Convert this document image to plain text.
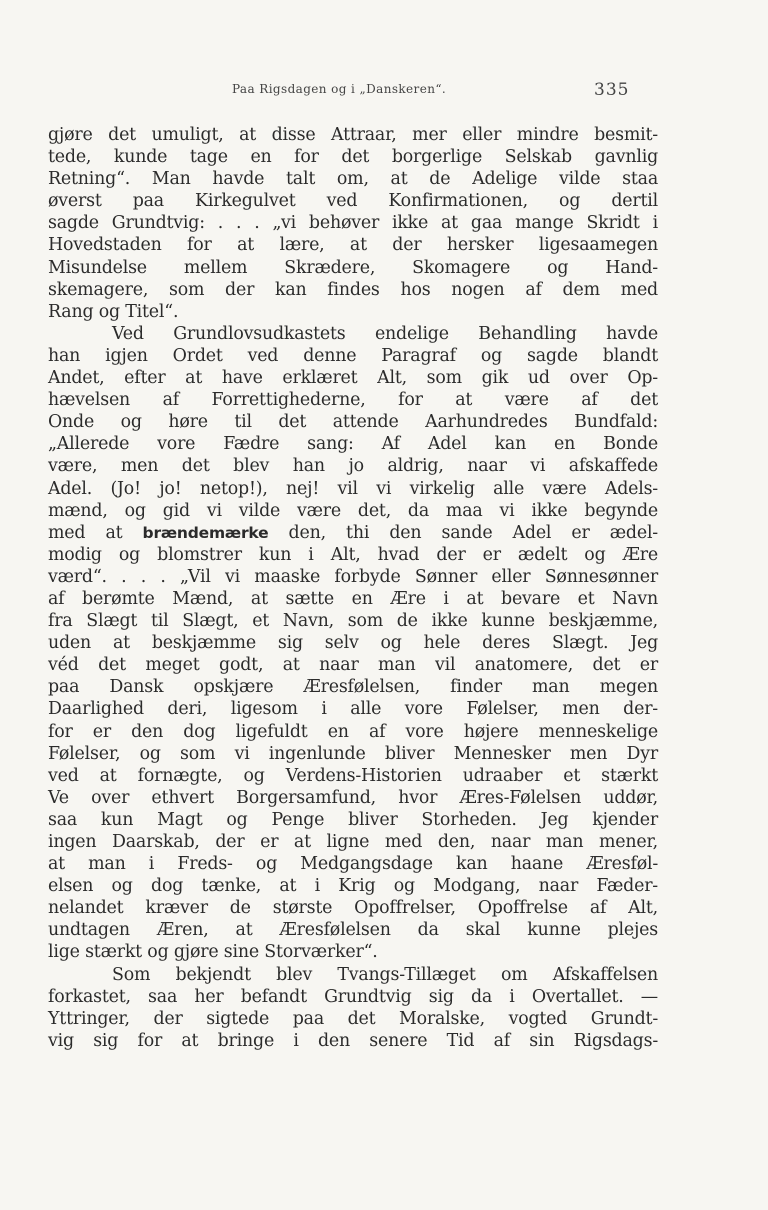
Paa Rigsdagen og i „Danskeren“.	335
gjøre det umuligt, at disse Attraar, mer eller mindre besmit-
tede, kunde tage en for det borgerlige Selskab gavnlig
Retning“. Man havde talt om, at de Adelige vilde staa
øverst paa Kirkegulvet ved Konfirmationen, og dertil
sagde Grundtvig: . . . „vi behøver ikke at gaa mange Skridt i
Hovedstaden for at lære, at der hersker ligesaamegen
Misundelse mellem Skrædere, Skomagere og Hand-
skemagere, som der kan findes hos nogen af dem med
Rang og Titel“.
Ved Grundlovsudkastets endelige Behandling havde
han igjen Ordet ved denne Paragraf og sagde blandt
Andet, efter at have erklæret Alt, som gik ud over Op-
hævelsen af Forrettighederne, for at være af det
Onde og høre til det attende Aarhundredes Bundfald:
„Allerede vore Fædre sang: Af Adel kan en Bonde
være, men det blev han jo aldrig, naar vi afskaffede
Adel. (Jo! jo! netop!), nej! vil vi virkelig alle være Adels-
mænd, og gid vi vilde være det, da maa vi ikke begynde
med at brændemærke den, thi den sande Adel er ædel-
modig og blomstrer kun i Alt, hvad der er ædelt og Ære
værd“. . . . „Vil vi maaske forbyde Sønner eller Sønnesønner
af berømte Mænd, at sætte en Ære i at bevare et Navn
fra Slægt til Slægt, et Navn, som de ikke kunne beskjæmme,
uden at beskjæmme sig selv og hele deres Slægt. Jeg
véd det meget godt, at naar man vil anatomere, det er
paa Dansk opskjære Æresfølelsen, finder man megen
Daarlighed deri, ligesom i alle vore Følelser, men der-
for er den dog ligefuldt en af vore højere menneskelige
Følelser, og som vi ingenlunde bliver Mennesker men Dyr
ved at fornægte, og Verdens-Historien udraaber et stærkt
Ve over ethvert Borgersamfund, hvor Æres-Følelsen uddør,
saa kun Magt og Penge bliver Storheden. Jeg kjender
ingen Daarskab, der er at ligne med den, naar man mener,
at man i Freds- og Medgangsdage kan haane Æresføl-
elsen og dog tænke, at i Krig og Modgang, naar Fæder-
nelandet kræver de største Opoffrelser, Opoffrelse af Alt,
undtagen Æren, at Æresfølelsen da skal kunne plejes
lige stærkt og gjøre sine Storværker“.
Som bekjendt blev Tvangs-Tillæget om Afskaffelsen
forkastet, saa her befandt Grundtvig sig da i Overtallet. —
Yttringer, der sigtede paa det Moralske, vogted Grundt-
vig sig for at bringe i den senere Tid af sin Rigsdags-
